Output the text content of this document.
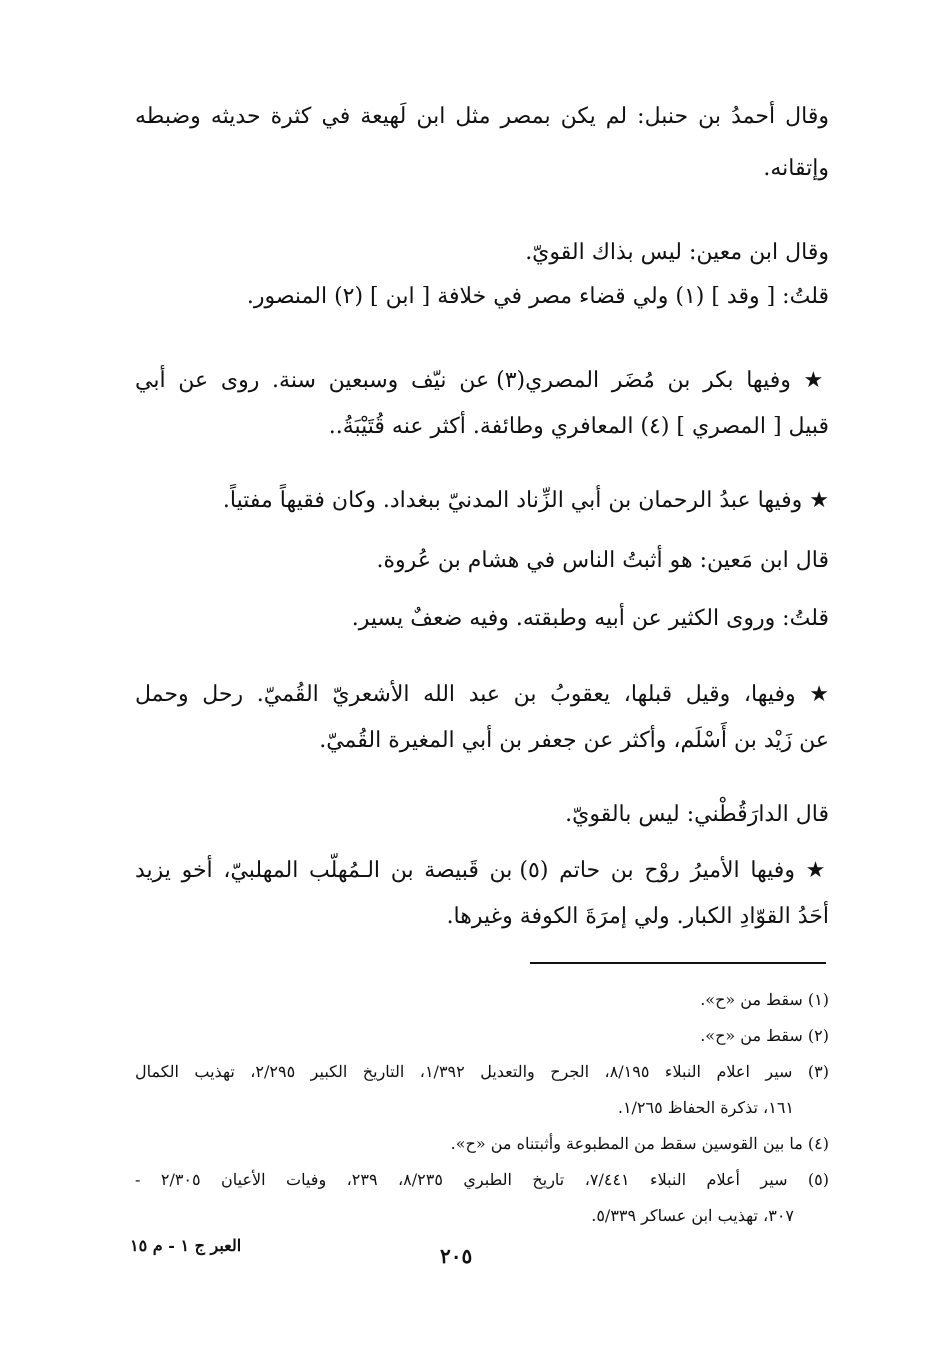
وقال أحمدُ بن حنبل: لم يكن بمصر مثل ابن لَهيعة في كثرة حديثه وضبطه

وإتقانه.

وقال ابن معين: ليس بذاك القويّ.

قلتُ: [ وقد ] (١) ولي قضاء مصر في خلافة [ ابن ] (٢) المنصور.

★ وفيها بكر بن مُضَر المصري(٣) عن نيّف وسبعين سنة. روى عن أبي

قبيل [ المصري ] (٤) المعافري وطائفة. أكثر عنه قُتَيْبَةُ..

★ وفيها عبدُ الرحمان بن أبي الزِّناد المدنيّ ببغداد. وكان فقيهاً مفتياً.

قال ابن مَعين: هو أثبتُ الناس في هشام بن عُروة.

قلتُ: وروى الكثير عن أبيه وطبقته. وفيه ضعفٌ يسير.

★ وفيها، وقيل قبلها، يعقوبُ بن عبد الله الأشعريّ القُميّ. رحل وحمل

عن زَيْد بن أَسْلَم، وأكثر عن جعفر بن أبي المغيرة القُميّ.

قال الدارَقُطْني: ليس بالقويّ.

★ وفيها الأميرُ روْح بن حاتم (٥) بن قَبيصة بن الـمُهلّب المهلبيّ، أخو يزيد

أحَدُ القوّادِ الكبار. ولي إمرَةَ الكوفة وغيرها.

(١) سقط من «ح».

(٢) سقط من «ح».

(٣) سير اعلام النبلاء ٨/١٩٥، الجرح والتعديل ١/٣٩٢، التاريخ الكبير ٢/٢٩٥، تهذيب الكمال

١٦١، تذكرة الحفاظ ١/٢٦٥.

(٤) ما بين القوسين سقط من المطبوعة وأثبتناه من «ح».

(٥) سير أعلام النبلاء ٧/٤٤١، تاريخ الطبري ٨/٢٣٥، ٢٣٩، وفيات الأعيان ٢/٣٠٥ -

٣٠٧، تهذيب ابن عساكر ٥/٣٣٩.

٢٠٥
العبر ج ١ - م ١٥
